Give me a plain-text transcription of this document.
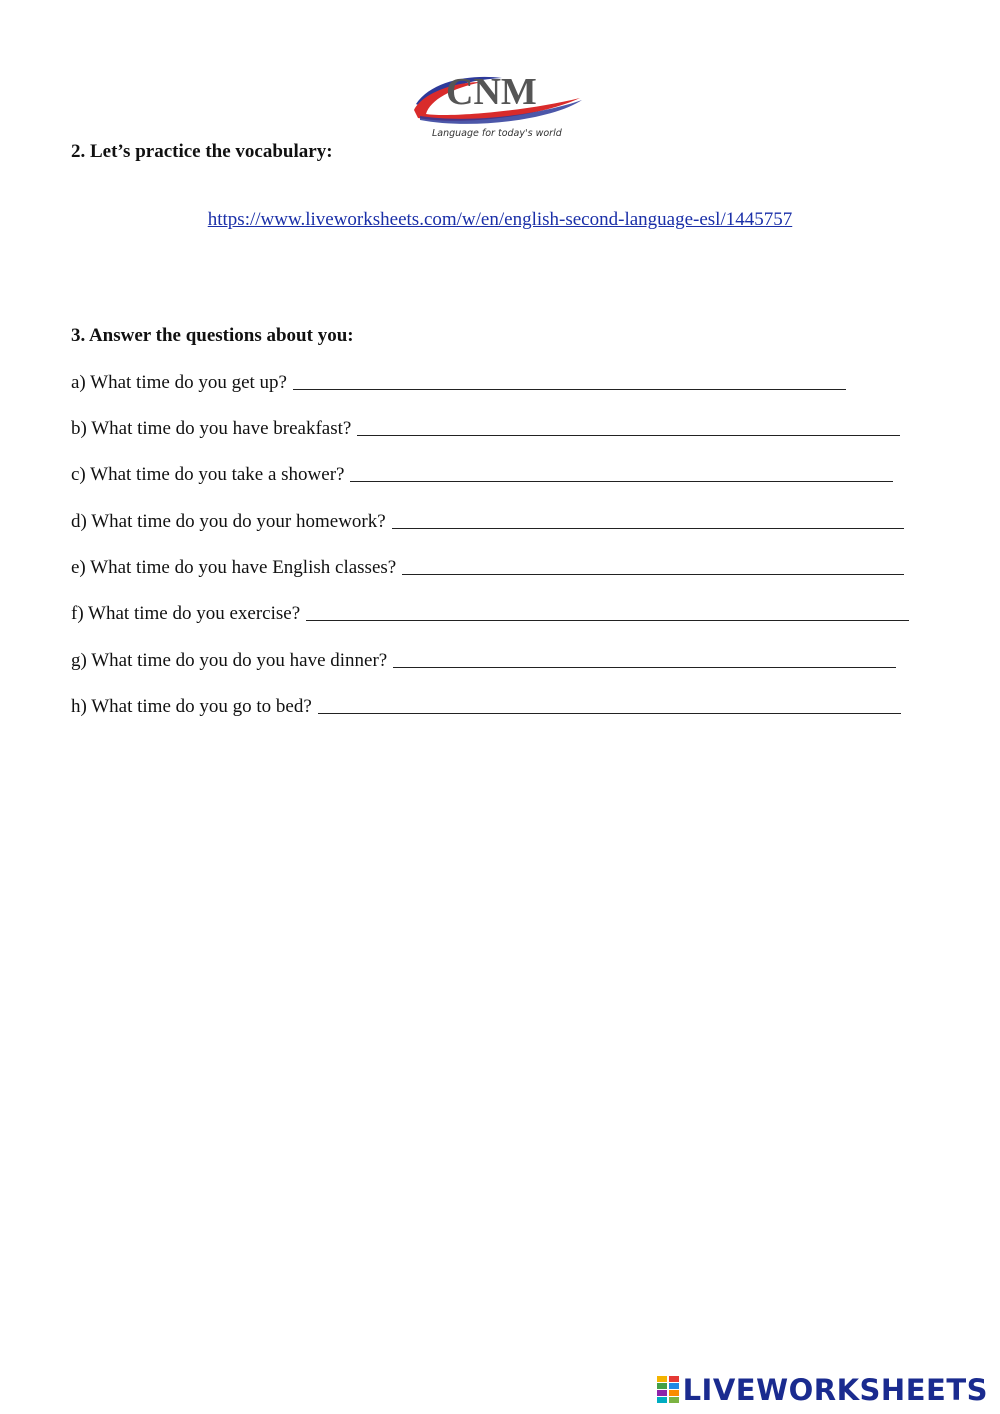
CNM
Language for today's world
2. Let’s practice the vocabulary:
https://www.liveworksheets.com/w/en/english-second-language-esl/1445757
3. Answer the questions about you:
a) What time do you get up?
b) What time do you have breakfast?
c) What time do you take a shower?
d) What time do you do your homework?
e) What time do you have English classes?
f) What time do you exercise?
g) What time do you do you have dinner?
h) What time do you go to bed?
LIVEWORKSHEETS
